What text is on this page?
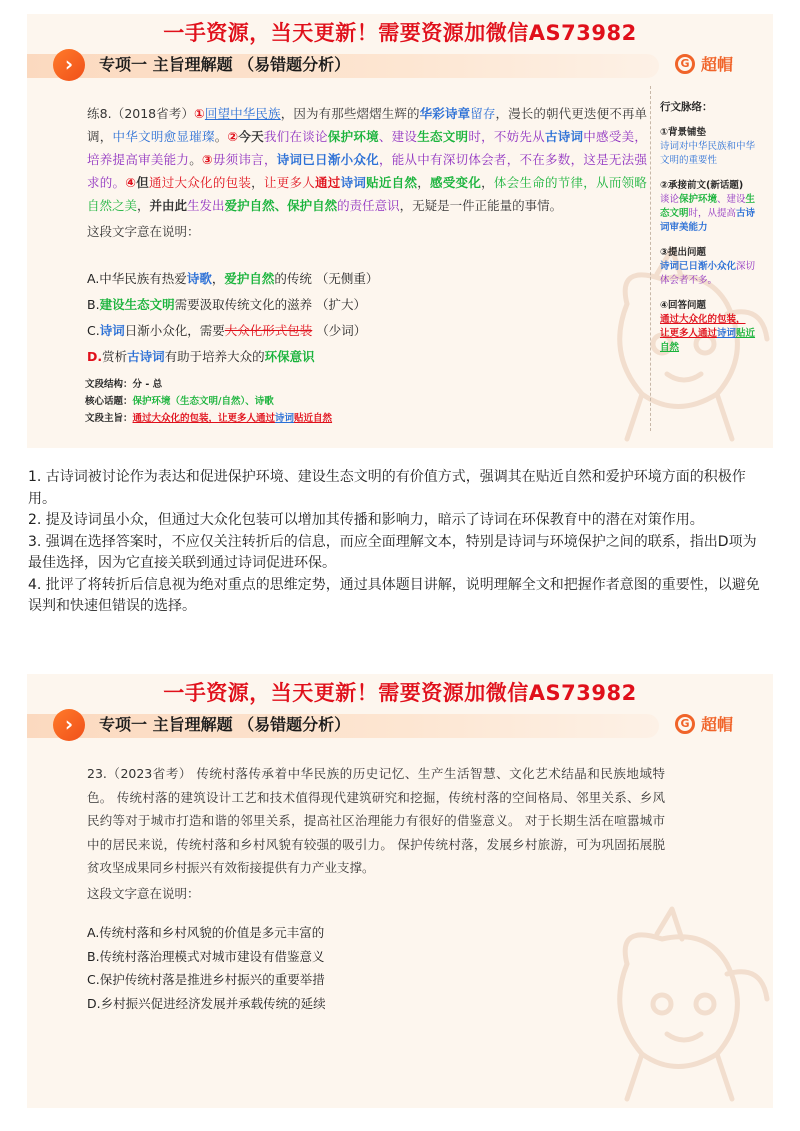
一手资源，当天更新！需要资源加微信AS73982
›	专项一 主旨理解题 （易错题分析）	G 超帽
练8.（2018省考）①回望中华民族，因为有那些熠熠生辉的华彩诗章留存，漫长的朝代更迭便不再单调，中华文明愈显璀璨。②今天我们在谈论保护环境、建设生态文明时，不妨先从古诗词中感受美，培养提高审美能力。③毋须讳言，诗词已日渐小众化，能从中有深切体会者，不在多数，这是无法强求的。④但通过大众化的包装，让更多人通过诗词贴近自然，感受变化，体会生命的节律，从而领略自然之美，并由此生发出爱护自然、保护自然的责任意识，无疑是一件正能量的事情。
这段文字意在说明：
A.中华民族有热爱诗歌，爱护自然的传统 （无侧重）
B.建设生态文明需要汲取传统文化的滋养 （扩大）
C.诗词日渐小众化，需要大众化形式包装 （少词）
D.赏析古诗词有助于培养大众的环保意识
文段结构：分 - 总
核心话题：保护环境（生态文明/自然）、诗歌
文段主旨：通过大众化的包装，让更多人通过诗词贴近自然
行文脉络：
①背景铺垫
诗词对中华民族和中华文明的重要性
②承接前文(新话题)
谈论保护环境、建设生态文明时，从提高古诗词审美能力
③提出问题
诗词已日渐小众化深切体会者不多。
④回答问题
通过大众化的包装，
让更多人通过诗词贴近自然

1. 古诗词被讨论作为表达和促进保护环境、建设生态文明的有价值方式，强调其在贴近自然和爱护环境方面的积极作用。

2. 提及诗词虽小众，但通过大众化包装可以增加其传播和影响力，暗示了诗词在环保教育中的潜在对策作用。

3. 强调在选择答案时，不应仅关注转折后的信息，而应全面理解文本，特别是诗词与环境保护之间的联系，指出D项为最佳选择，因为它直接关联到通过诗词促进环保。

4. 批评了将转折后信息视为绝对重点的思维定势，通过具体题目讲解，说明理解全文和把握作者意图的重要性，以避免误判和快速但错误的选择。

一手资源，当天更新！需要资源加微信AS73982
›	专项一 主旨理解题 （易错题分析）	G 超帽
23.（2023省考） 传统村落传承着中华民族的历史记忆、生产生活智慧、文化艺术结晶和民族地域特色。 传统村落的建筑设计工艺和技术值得现代建筑研究和挖掘，传统村落的空间格局、邻里关系、乡风民约等对于城市打造和谐的邻里关系，提高社区治理能力有很好的借鉴意义。 对于长期生活在喧嚣城市中的居民来说，传统村落和乡村风貌有较强的吸引力。 保护传统村落，发展乡村旅游，可为巩固拓展脱贫攻坚成果同乡村振兴有效衔接提供有力产业支撑。
这段文字意在说明：
A.传统村落和乡村风貌的价值是多元丰富的
B.传统村落治理模式对城市建设有借鉴意义
C.保护传统村落是推进乡村振兴的重要举措
D.乡村振兴促进经济发展并承载传统的延续
